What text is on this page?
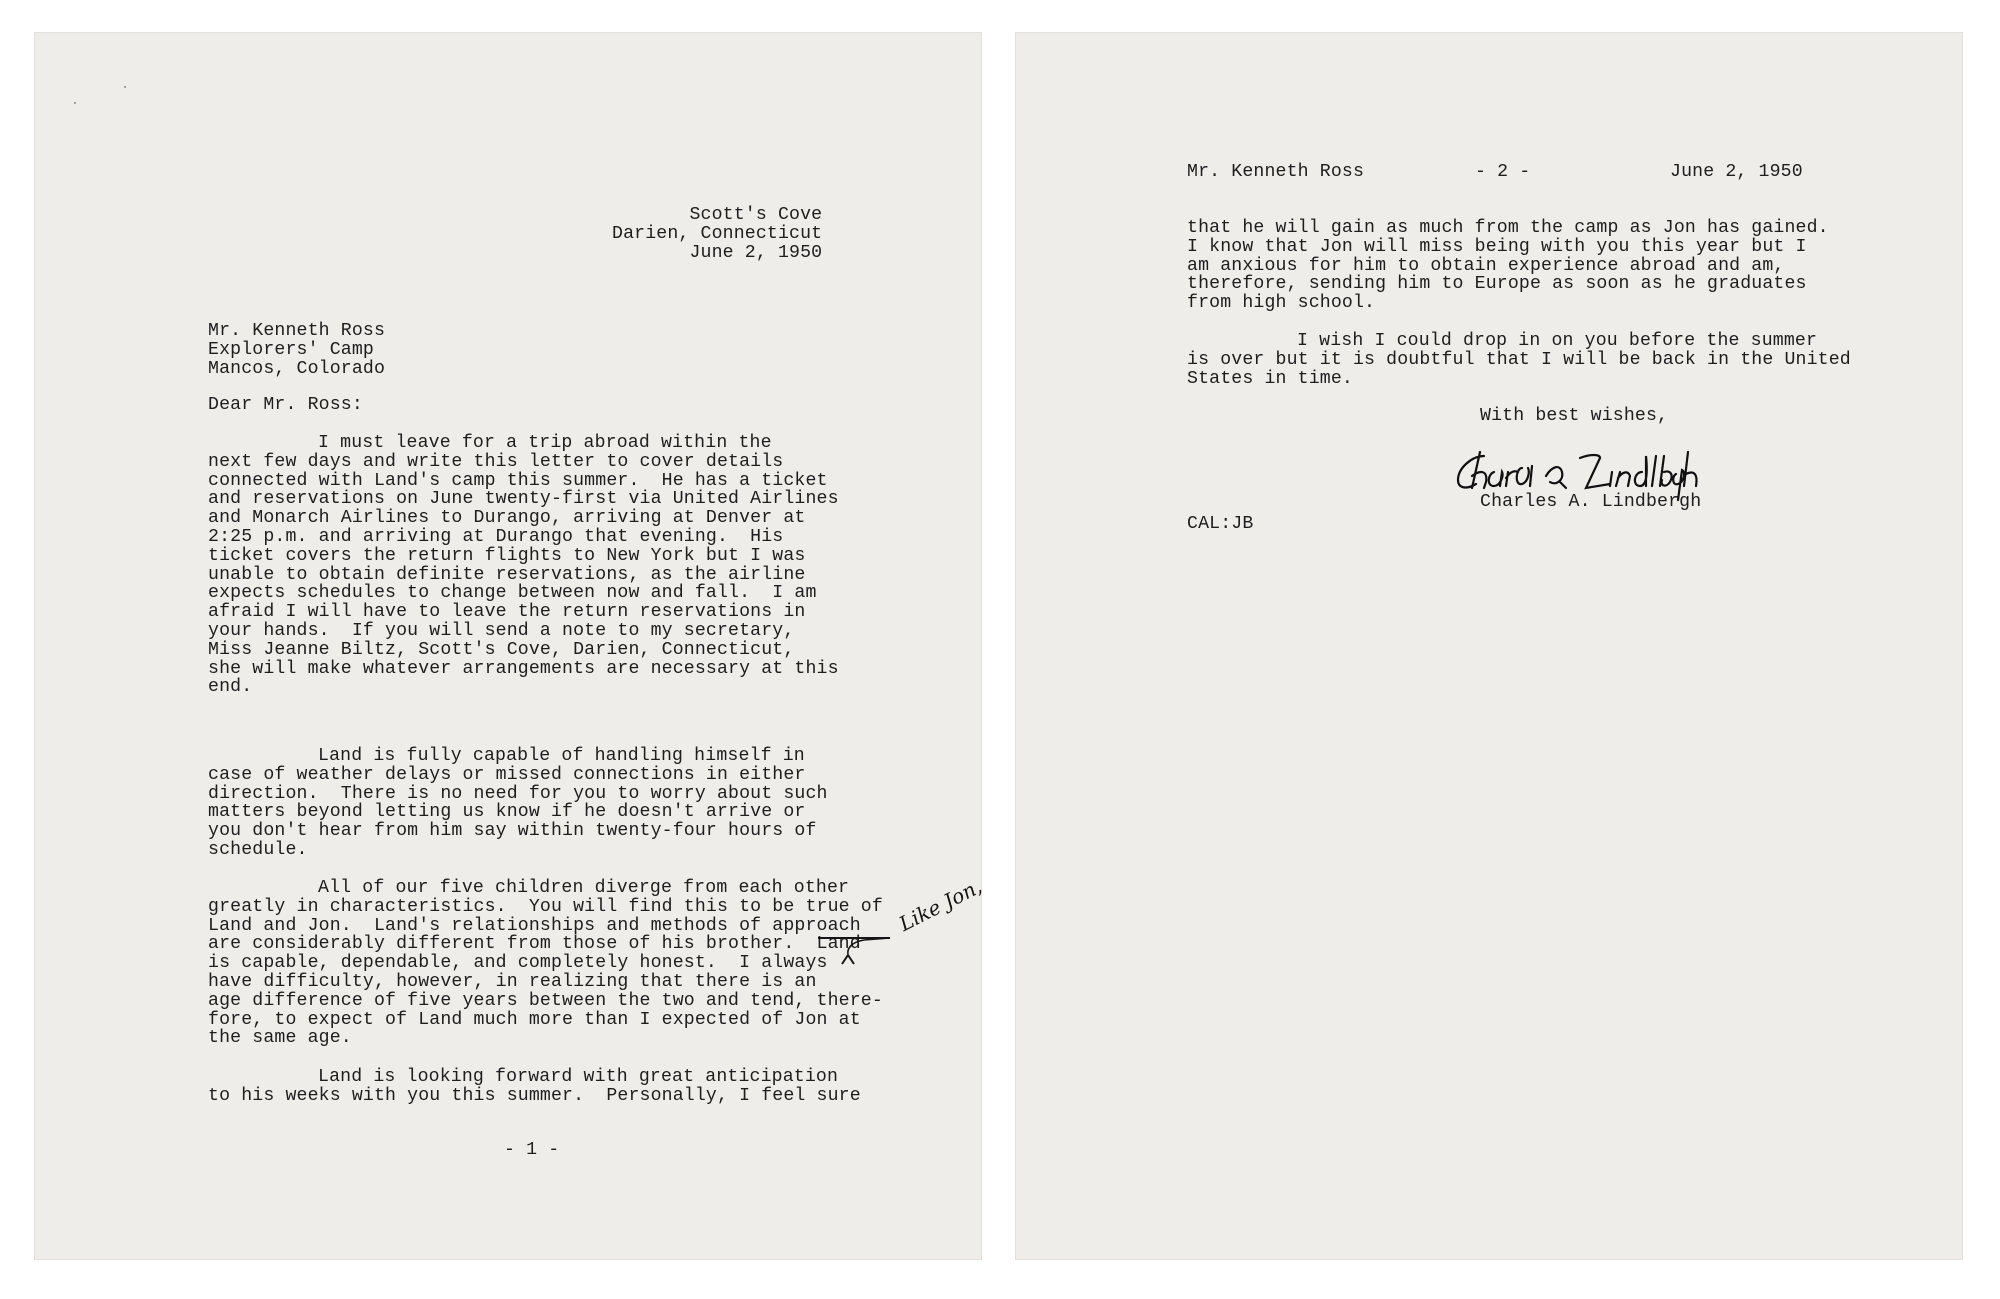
Scott's Cove
Darien, Connecticut
June 2, 1950
Mr. Kenneth Ross
Explorers' Camp
Mancos, Colorado

Dear Mr. Ross:

I must leave for a trip abroad within the
next few days and write this letter to cover details
connected with Land's camp this summer.  He has a ticket
and reservations on June twenty-first via United Airlines
and Monarch Airlines to Durango, arriving at Denver at
2:25 p.m. and arriving at Durango that evening.  His
ticket covers the return flights to New York but I was
unable to obtain definite reservations, as the airline
expects schedules to change between now and fall.  I am
afraid I will have to leave the return reservations in
your hands.  If you will send a note to my secretary,
Miss Jeanne Biltz, Scott's Cove, Darien, Connecticut,
she will make whatever arrangements are necessary at this
end.
Land is fully capable of handling himself in
case of weather delays or missed connections in either
direction.  There is no need for you to worry about such
matters beyond letting us know if he doesn't arrive or
you don't hear from him say within twenty-four hours of
schedule.
All of our five children diverge from each other
greatly in characteristics.  You will find this to be true of
Land and Jon.  Land's relationships and methods of approach
are considerably different from those of his brother.  Land
is capable, dependable, and completely honest.  I always
have difficulty, however, in realizing that there is an
age difference of five years between the two and tend, there-
fore, to expect of Land much more than I expected of Jon at
the same age.
Like Jon,
Land is looking forward with great anticipation
to his weeks with you this summer.  Personally, I feel sure

- 1 -

Mr. Kenneth Ross	- 2 -	June 2, 1950

that he will gain as much from the camp as Jon has gained.
I know that Jon will miss being with you this year but I
am anxious for him to obtain experience abroad and am,
therefore, sending him to Europe as soon as he graduates
from high school.
I wish I could drop in on you before the summer
is over but it is doubtful that I will be back in the United
States in time.

With best wishes,

Charles A. Lindbergh

CAL:JB
